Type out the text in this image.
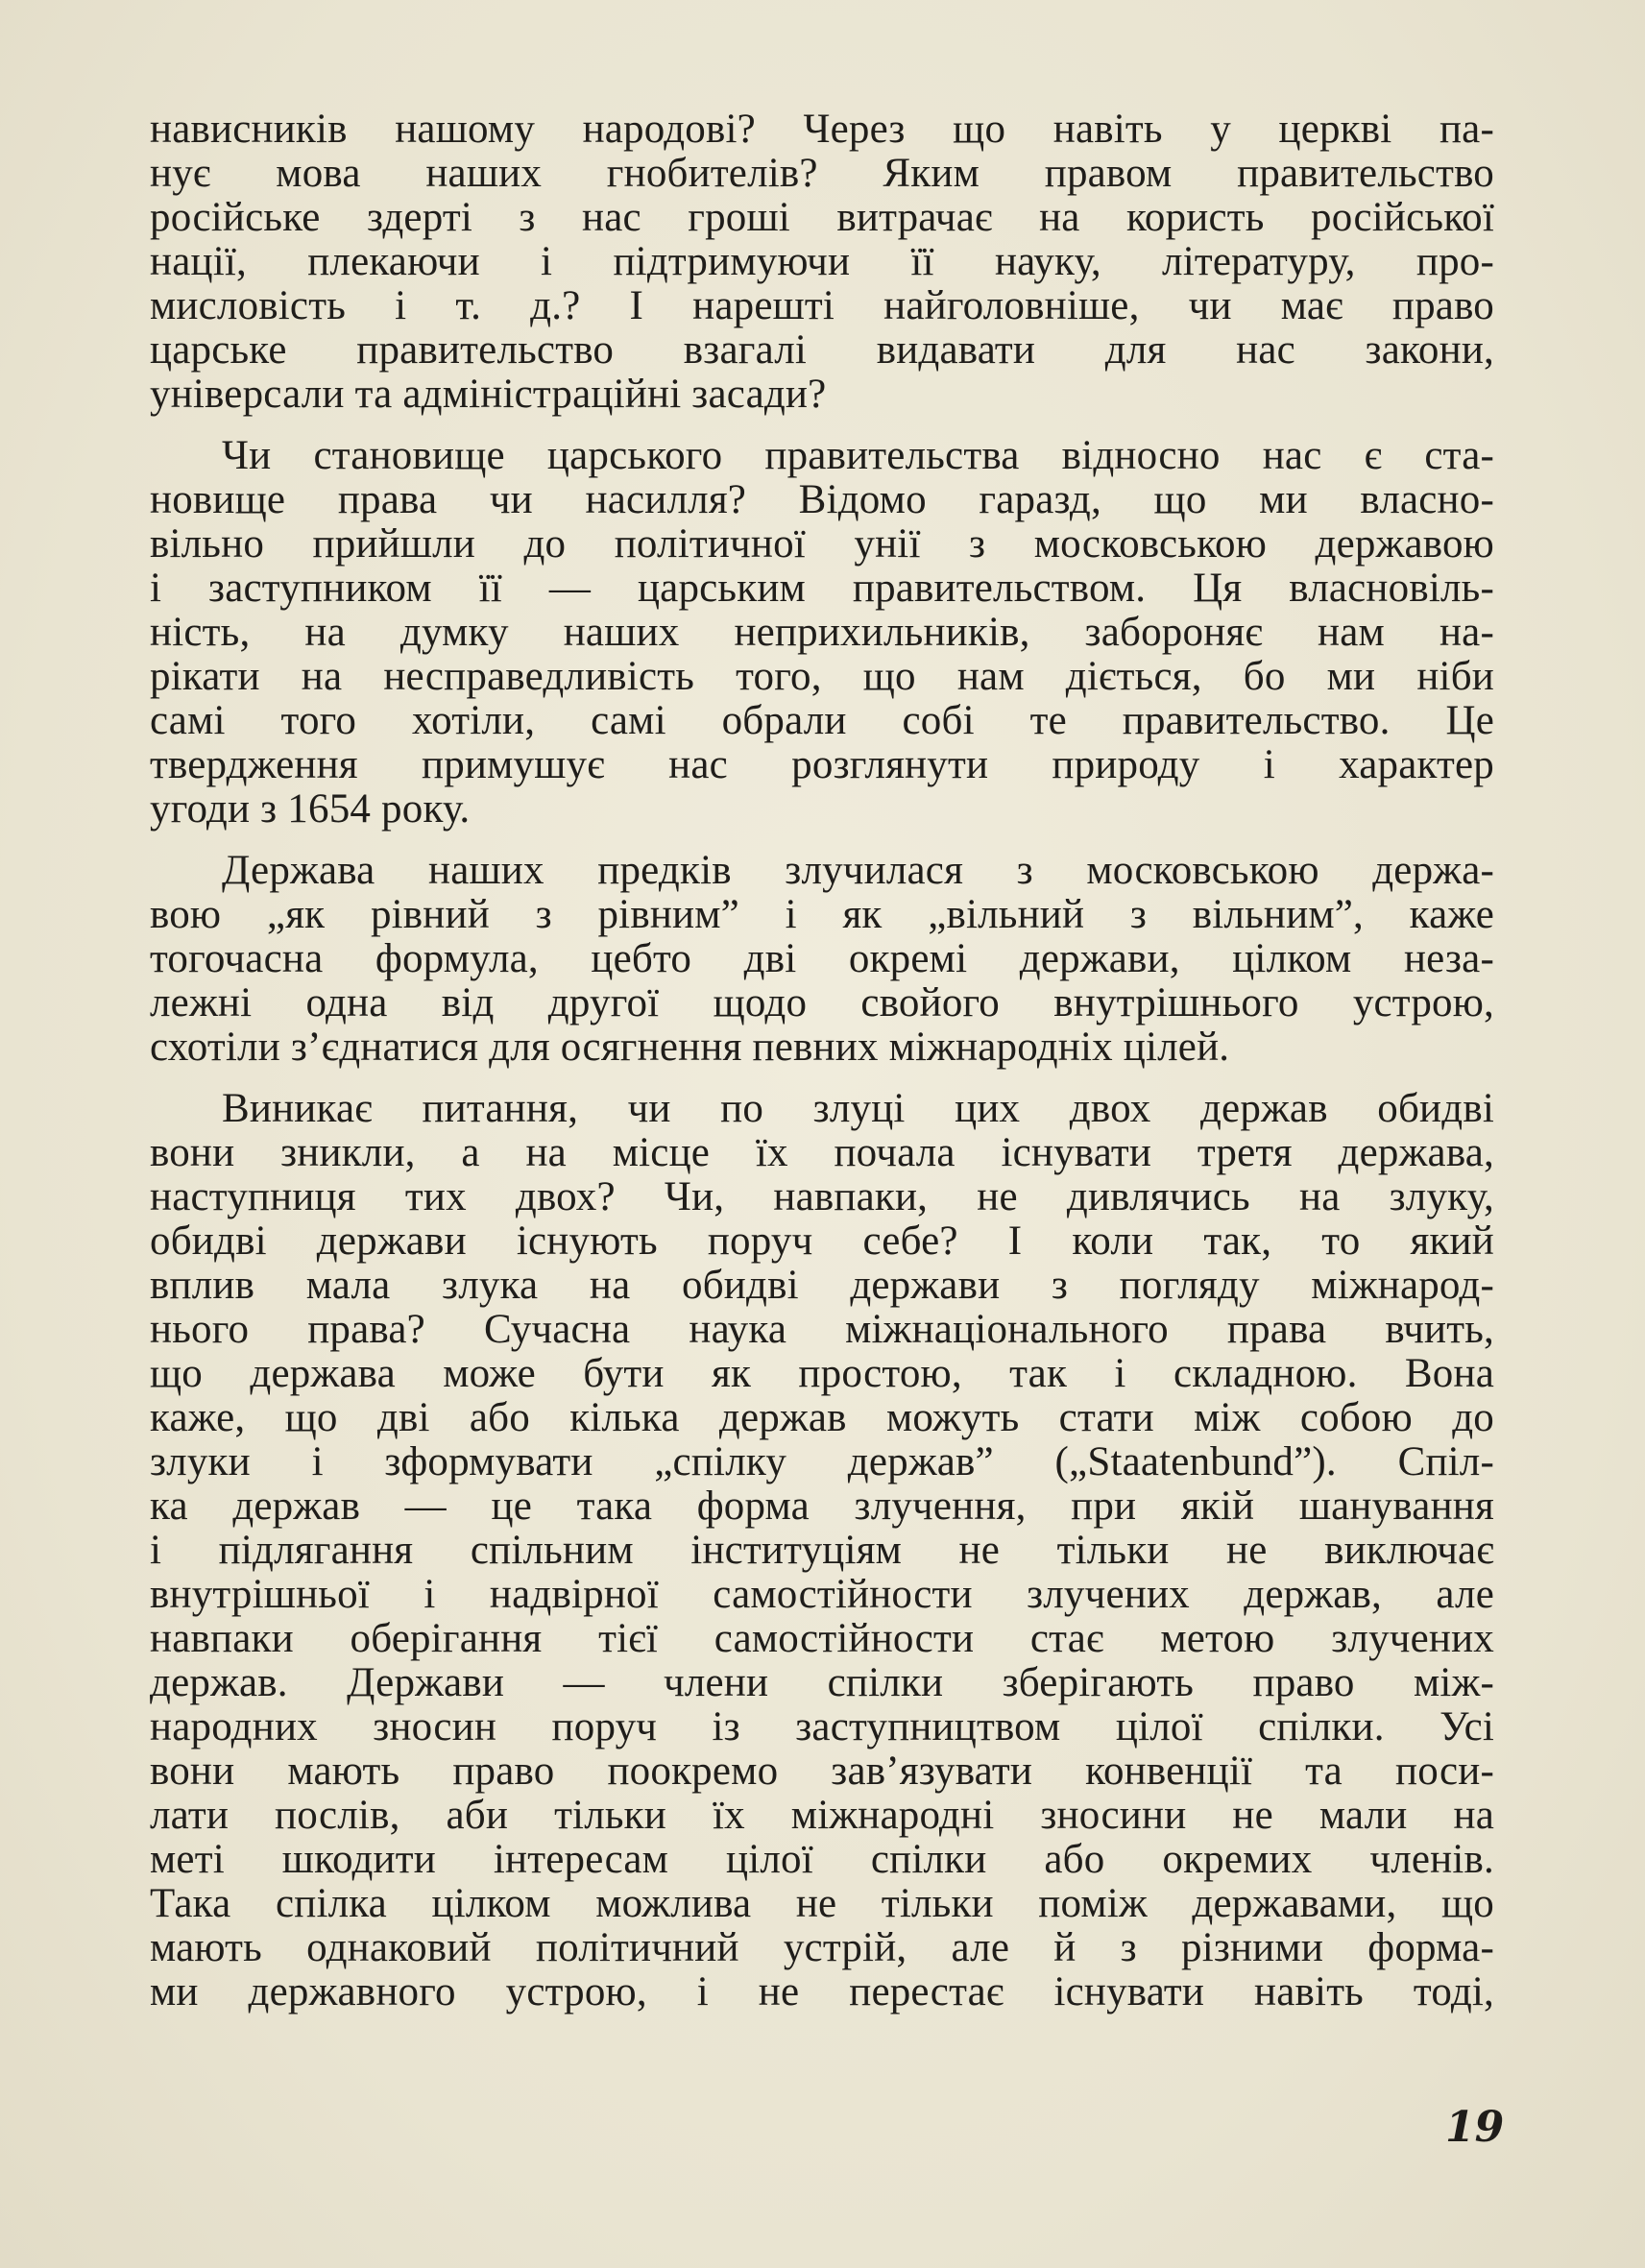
нависників нашому народові? Через що навіть у церкві па-
нує мова наших гнобителів? Яким правом правительство
російське здерті з нас гроші витрачає на користь російської
нації, плекаючи і підтримуючи її науку, літературу, про-
мисловість і т. д.? І нарешті найголовніше, чи має право
царське правительство взагалі видавати для нас закони,
універсали та адміністраційні засади?

Чи становище царського правительства відносно нас є ста-
новище права чи насилля? Відомо гаразд, що ми власно-
вільно прийшли до політичної унії з московською державою
і заступником її — царським правительством. Ця власновіль-
ність, на думку наших неприхильників, забороняє нам на-
рікати на несправедливість того, що нам діється, бо ми ніби
самі того хотіли, самі обрали собі те правительство. Це
твердження примушує нас розглянути природу і характер
угоди з 1654 року.

Держава наших предків злучилася з московською держа-
вою „як рівний з рівним” і як „вільний з вільним”, каже
тогочасна формула, цебто дві окремі держави, цілком неза-
лежні одна від другої щодо свойого внутрішнього устрою,
схотіли з’єднатися для осягнення певних міжнародніх цілей.

Виникає питання, чи по злуці цих двох держав обидві
вони зникли, а на місце їх почала існувати третя держава,
наступниця тих двох? Чи, навпаки, не дивлячись на злуку,
обидві держави існують поруч себе? І коли так, то який
вплив мала злука на обидві держави з погляду міжнарод-
нього права? Сучасна наука міжнаціонального права вчить,
що держава може бути як простою, так і складною. Вона
каже, що дві або кілька держав можуть стати між собою до
злуки і зформувати „спілку держав” („Staatenbund”). Спіл-
ка держав — це така форма злучення, при якій шанування
і підлягання спільним інституціям не тільки не виключає
внутрішньої і надвірної самостійности злучених держав, але
навпаки оберігання тієї самостійности стає метою злучених
держав. Держави — члени спілки зберігають право між-
народних зносин поруч із заступництвом цілої спілки. Усі
вони мають право поокремо зав’язувати конвенції та поси-
лати послів, аби тільки їх міжнародні зносини не мали на
меті шкодити інтересам цілої спілки або окремих членів.
Така спілка цілком можлива не тільки поміж державами, що
мають однаковий політичний устрій, але й з різними форма-
ми державного устрою, і не перестає існувати навіть тоді,

19
